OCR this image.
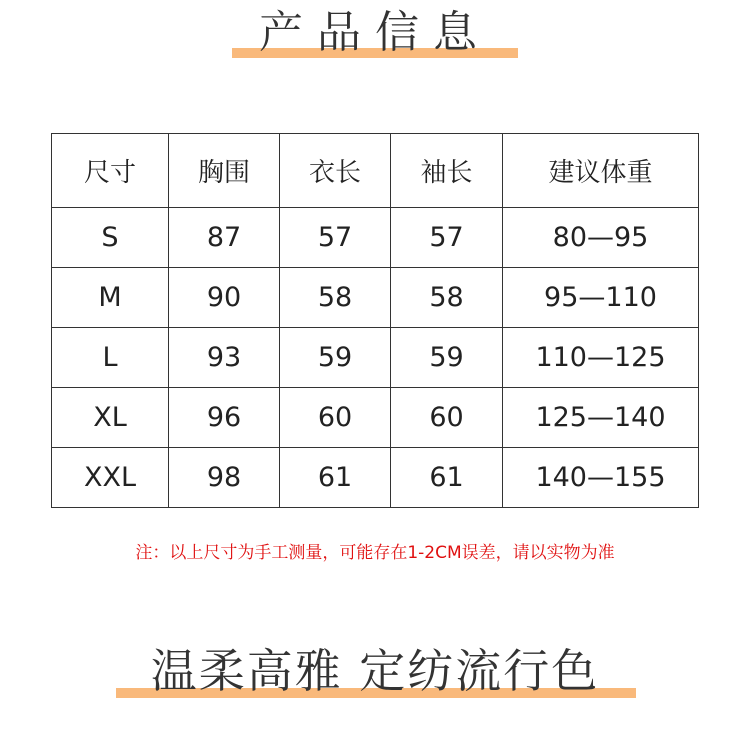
产品信息
尺寸	胸围	衣长	袖长	建议体重
S	87	57	57	80—95
M	90	58	58	95—110
L	93	59	59	110—125
XL	96	60	60	125—140
XXL	98	61	61	140—155
注：以上尺寸为手工测量，可能存在1-2CM误差，请以实物为准
温柔高雅 定纺流行色
